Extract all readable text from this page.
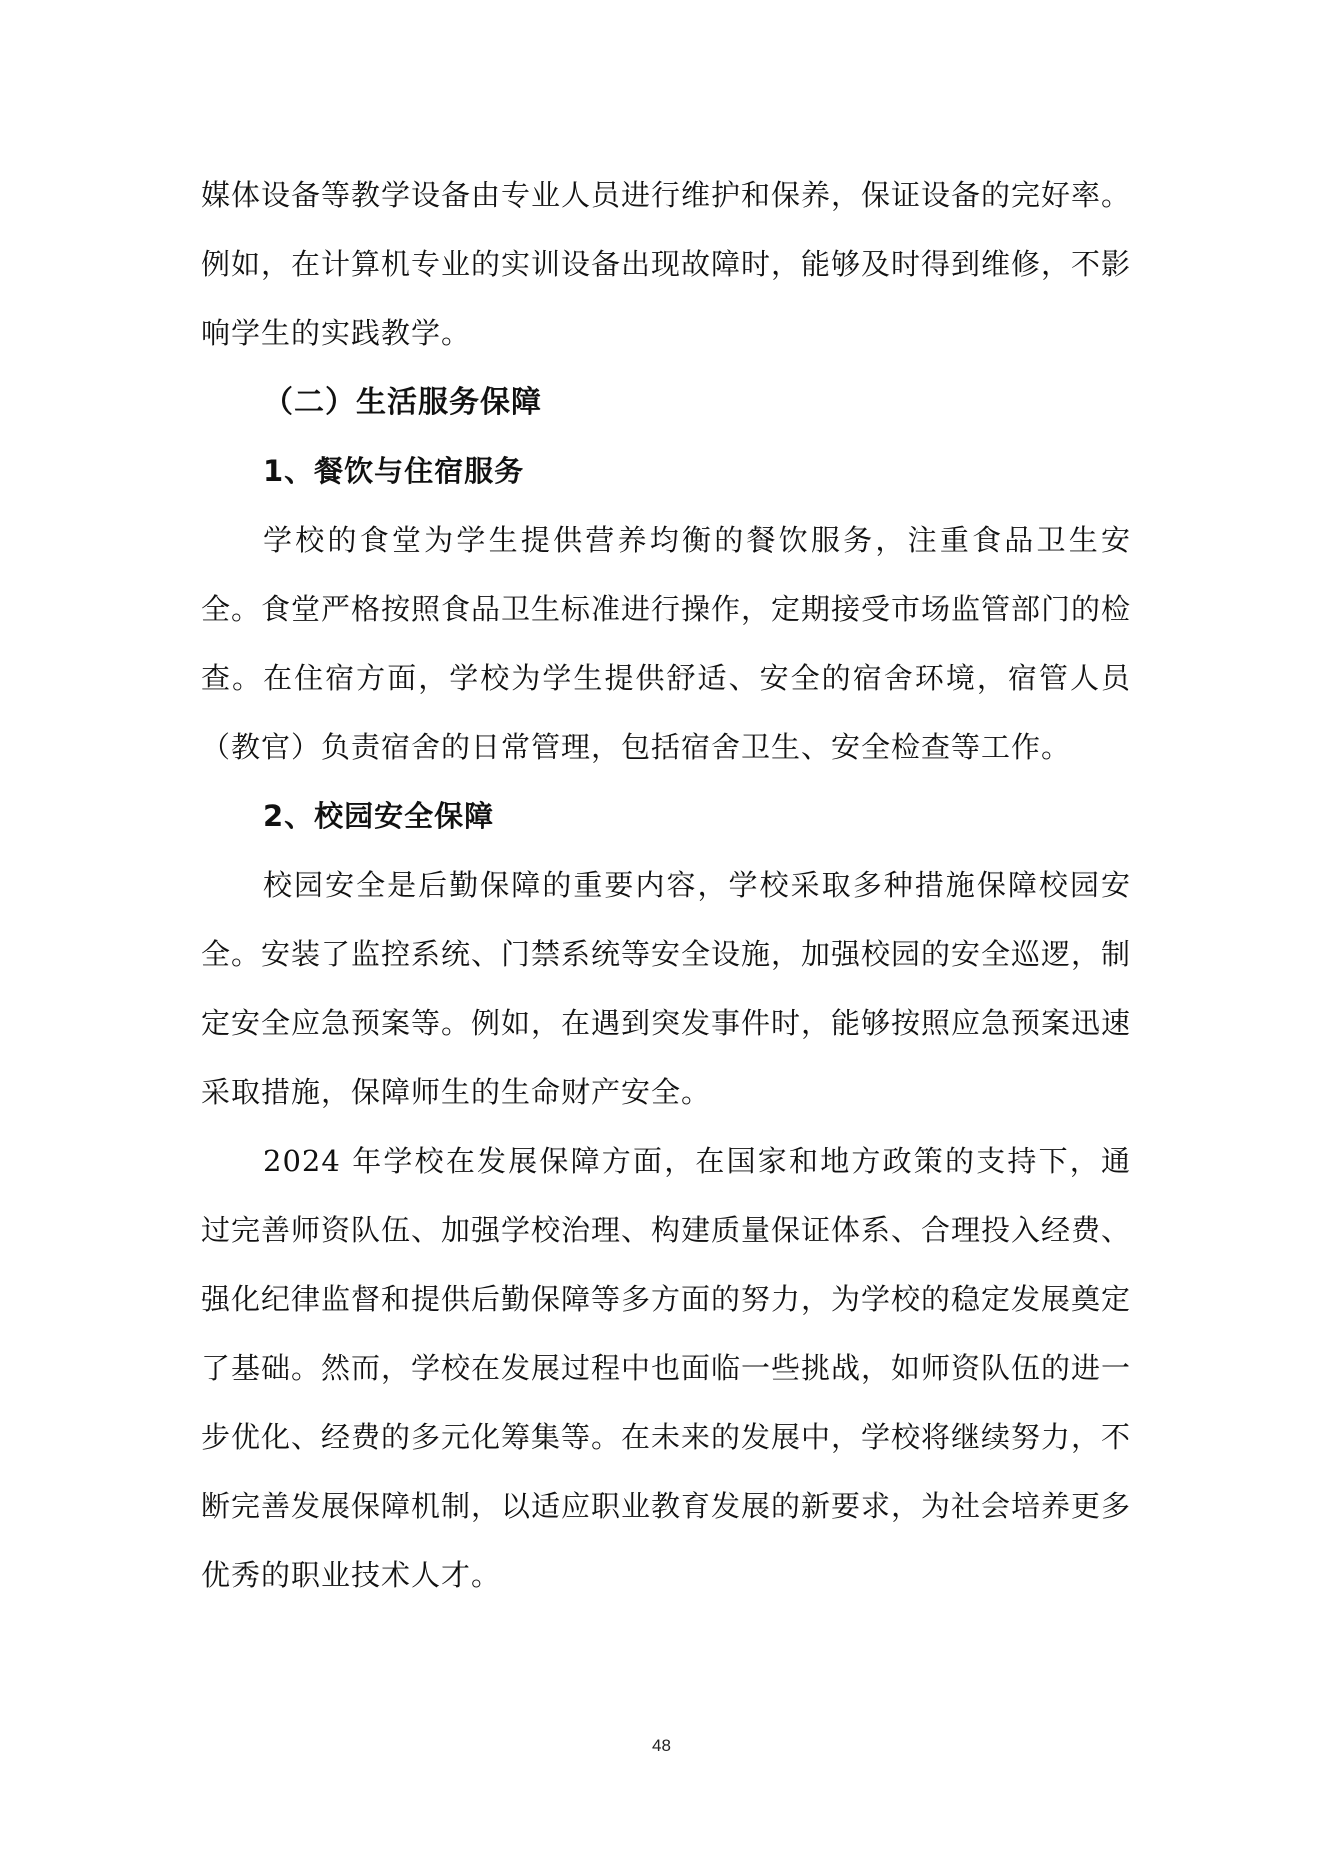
媒体设备等教学设备由专业人员进行维护和保养，保证设备的完好率。例如，在计算机专业的实训设备出现故障时，能够及时得到维修，不影响学生的实践教学。

（二）生活服务保障
1、餐饮与住宿服务

学校的食堂为学生提供营养均衡的餐饮服务，注重食品卫生安全。食堂严格按照食品卫生标准进行操作，定期接受市场监管部门的检查。在住宿方面，学校为学生提供舒适、安全的宿舍环境，宿管人员（教官）负责宿舍的日常管理，包括宿舍卫生、安全检查等工作。

2、校园安全保障

校园安全是后勤保障的重要内容，学校采取多种措施保障校园安全。安装了监控系统、门禁系统等安全设施，加强校园的安全巡逻，制定安全应急预案等。例如，在遇到突发事件时，能够按照应急预案迅速采取措施，保障师生的生命财产安全。

2024 年学校在发展保障方面，在国家和地方政策的支持下，通过完善师资队伍、加强学校治理、构建质量保证体系、合理投入经费、强化纪律监督和提供后勤保障等多方面的努力，为学校的稳定发展奠定了基础。然而，学校在发展过程中也面临一些挑战，如师资队伍的进一步优化、经费的多元化筹集等。在未来的发展中，学校将继续努力，不断完善发展保障机制，以适应职业教育发展的新要求，为社会培养更多优秀的职业技术人才。

48
